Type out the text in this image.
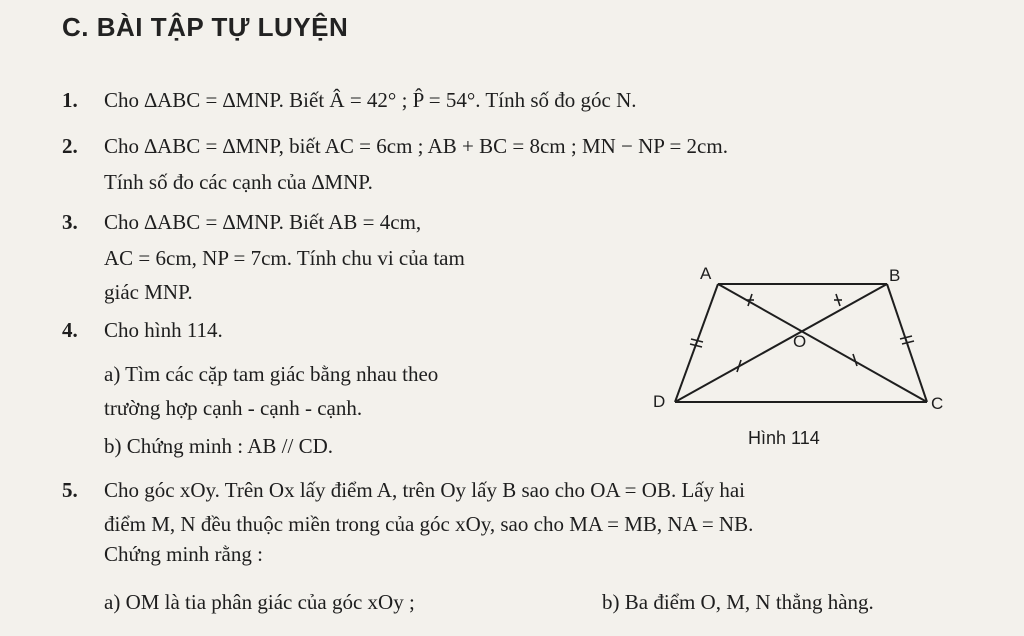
C. BÀI TẬP TỰ LUYỆN
1. Cho ∆ABC = ∆MNP. Biết Â = 42° ; P̂ = 54°. Tính số đo góc N.
2. Cho ∆ABC = ∆MNP, biết AC = 6cm ; AB + BC = 8cm ; MN − NP = 2cm.
Tính số đo các cạnh của ∆MNP.
3. Cho ∆ABC = ∆MNP. Biết AB = 4cm,
AC = 6cm, NP = 7cm. Tính chu vi của tam
giác MNP.
4. Cho hình 114.
a) Tìm các cặp tam giác bằng nhau theo
trường hợp cạnh - cạnh - cạnh.
b) Chứng minh : AB // CD.
A	B
C
D
O
Hình 114
5. Cho góc xOy. Trên Ox lấy điểm A, trên Oy lấy B sao cho OA = OB. Lấy hai
điểm M, N đều thuộc miền trong của góc xOy, sao cho MA = MB, NA = NB.
Chứng minh rằng :
a) OM là tia phân giác của góc xOy ;	b) Ba điểm O, M, N thẳng hàng.
